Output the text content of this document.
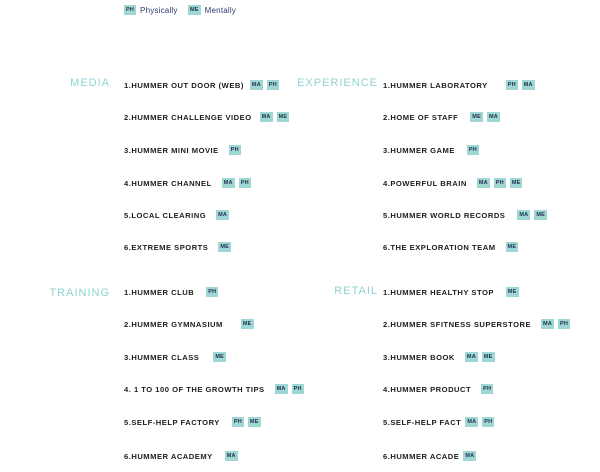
PH Physically	ME Mentally
MEDIA 1.HUMMER OUT DOOR (WEB)	MA	PH
2.HUMMER CHALLENGE VIDEO	MA	ME
3.HUMMER MINI MOVIE	PH
4.HUMMER CHANNEL	MA	PH
5.LOCAL CLEARING	MA
6.EXTREME SPORTS	ME
EXPERIENCE 1.HUMMER LABORATORY	PH	MA
2.HOME OF STAFF	ME	MA
3.HUMMER GAME	PH
4.POWERFUL BRAIN	MA	PH	ME
5.HUMMER WORLD RECORDS	MA	ME
6.THE EXPLORATION TEAM	ME
TRAINING 1.HUMMER CLUB	PH
2.HUMMER GYMNASIUM	ME
3.HUMMER CLASS	ME
4. 1 TO 100 OF THE GROWTH TIPS	MA	PH
5.SELF-HELP FACTORY	PH	ME
6.HUMMER ACADEMY	MA
RETAIL 1.HUMMER HEALTHY STOP	ME
2.HUMMER SFITNESS SUPERSTORE	MA	PH
3.HUMMER BOOK	MA	ME
4.HUMMER PRODUCT	PH
5.SELF-HELP FACT	MA	PH
6.HUMMER ACADE	MA
